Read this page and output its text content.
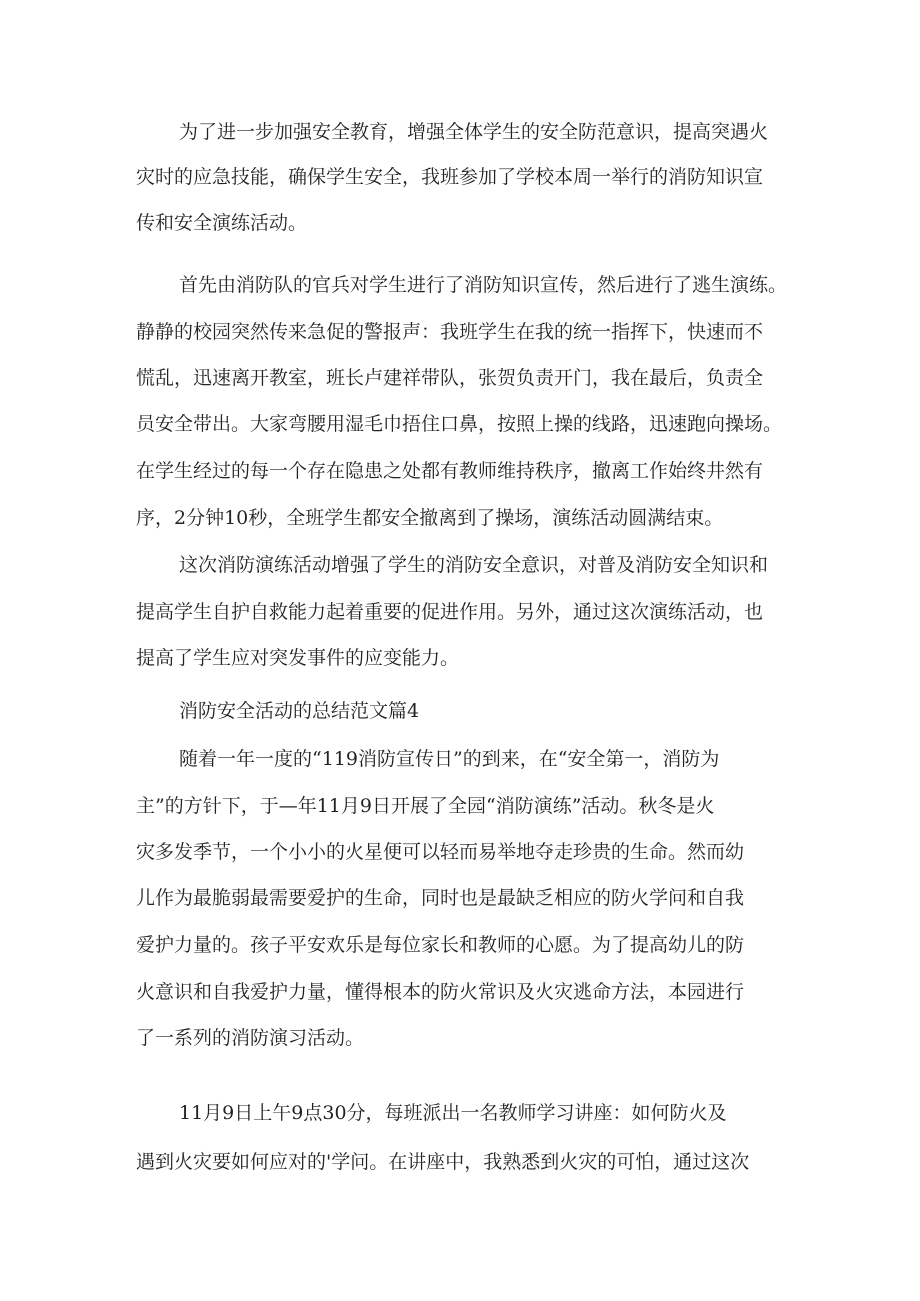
为了进一步加强安全教育，增强全体学生的安全防范意识，提高突遇火

灾时的应急技能，确保学生安全，我班参加了学校本周一举行的消防知识宣

传和安全演练活动。

首先由消防队的官兵对学生进行了消防知识宣传，然后进行了逃生演练。

静静的校园突然传来急促的警报声：我班学生在我的统一指挥下，快速而不

慌乱，迅速离开教室，班长卢建祥带队，张贺负责开门，我在最后，负责全

员安全带出。大家弯腰用湿毛巾捂住口鼻，按照上操的线路，迅速跑向操场。

在学生经过的每一个存在隐患之处都有教师维持秩序，撤离工作始终井然有

序，2分钟10秒，全班学生都安全撤离到了操场，演练活动圆满结束。

这次消防演练活动增强了学生的消防安全意识，对普及消防安全知识和

提高学生自护自救能力起着重要的促进作用。另外，通过这次演练活动，也

提高了学生应对突发事件的应变能力。

消防安全活动的总结范文篇4

随着一年一度的“119消防宣传日”的到来，在“安全第一，消防为

主”的方针下，于—年11月9日开展了全园“消防演练”活动。秋冬是火

灾多发季节，一个小小的火星便可以轻而易举地夺走珍贵的生命。然而幼

儿作为最脆弱最需要爱护的生命，同时也是最缺乏相应的防火学问和自我

爱护力量的。孩子平安欢乐是每位家长和教师的心愿。为了提高幼儿的防

火意识和自我爱护力量，懂得根本的防火常识及火灾逃命方法，本园进行

了一系列的消防演习活动。

11月9日上午9点30分，每班派出一名教师学习讲座：如何防火及

遇到火灾要如何应对的'学问。在讲座中，我熟悉到火灾的可怕，通过这次
